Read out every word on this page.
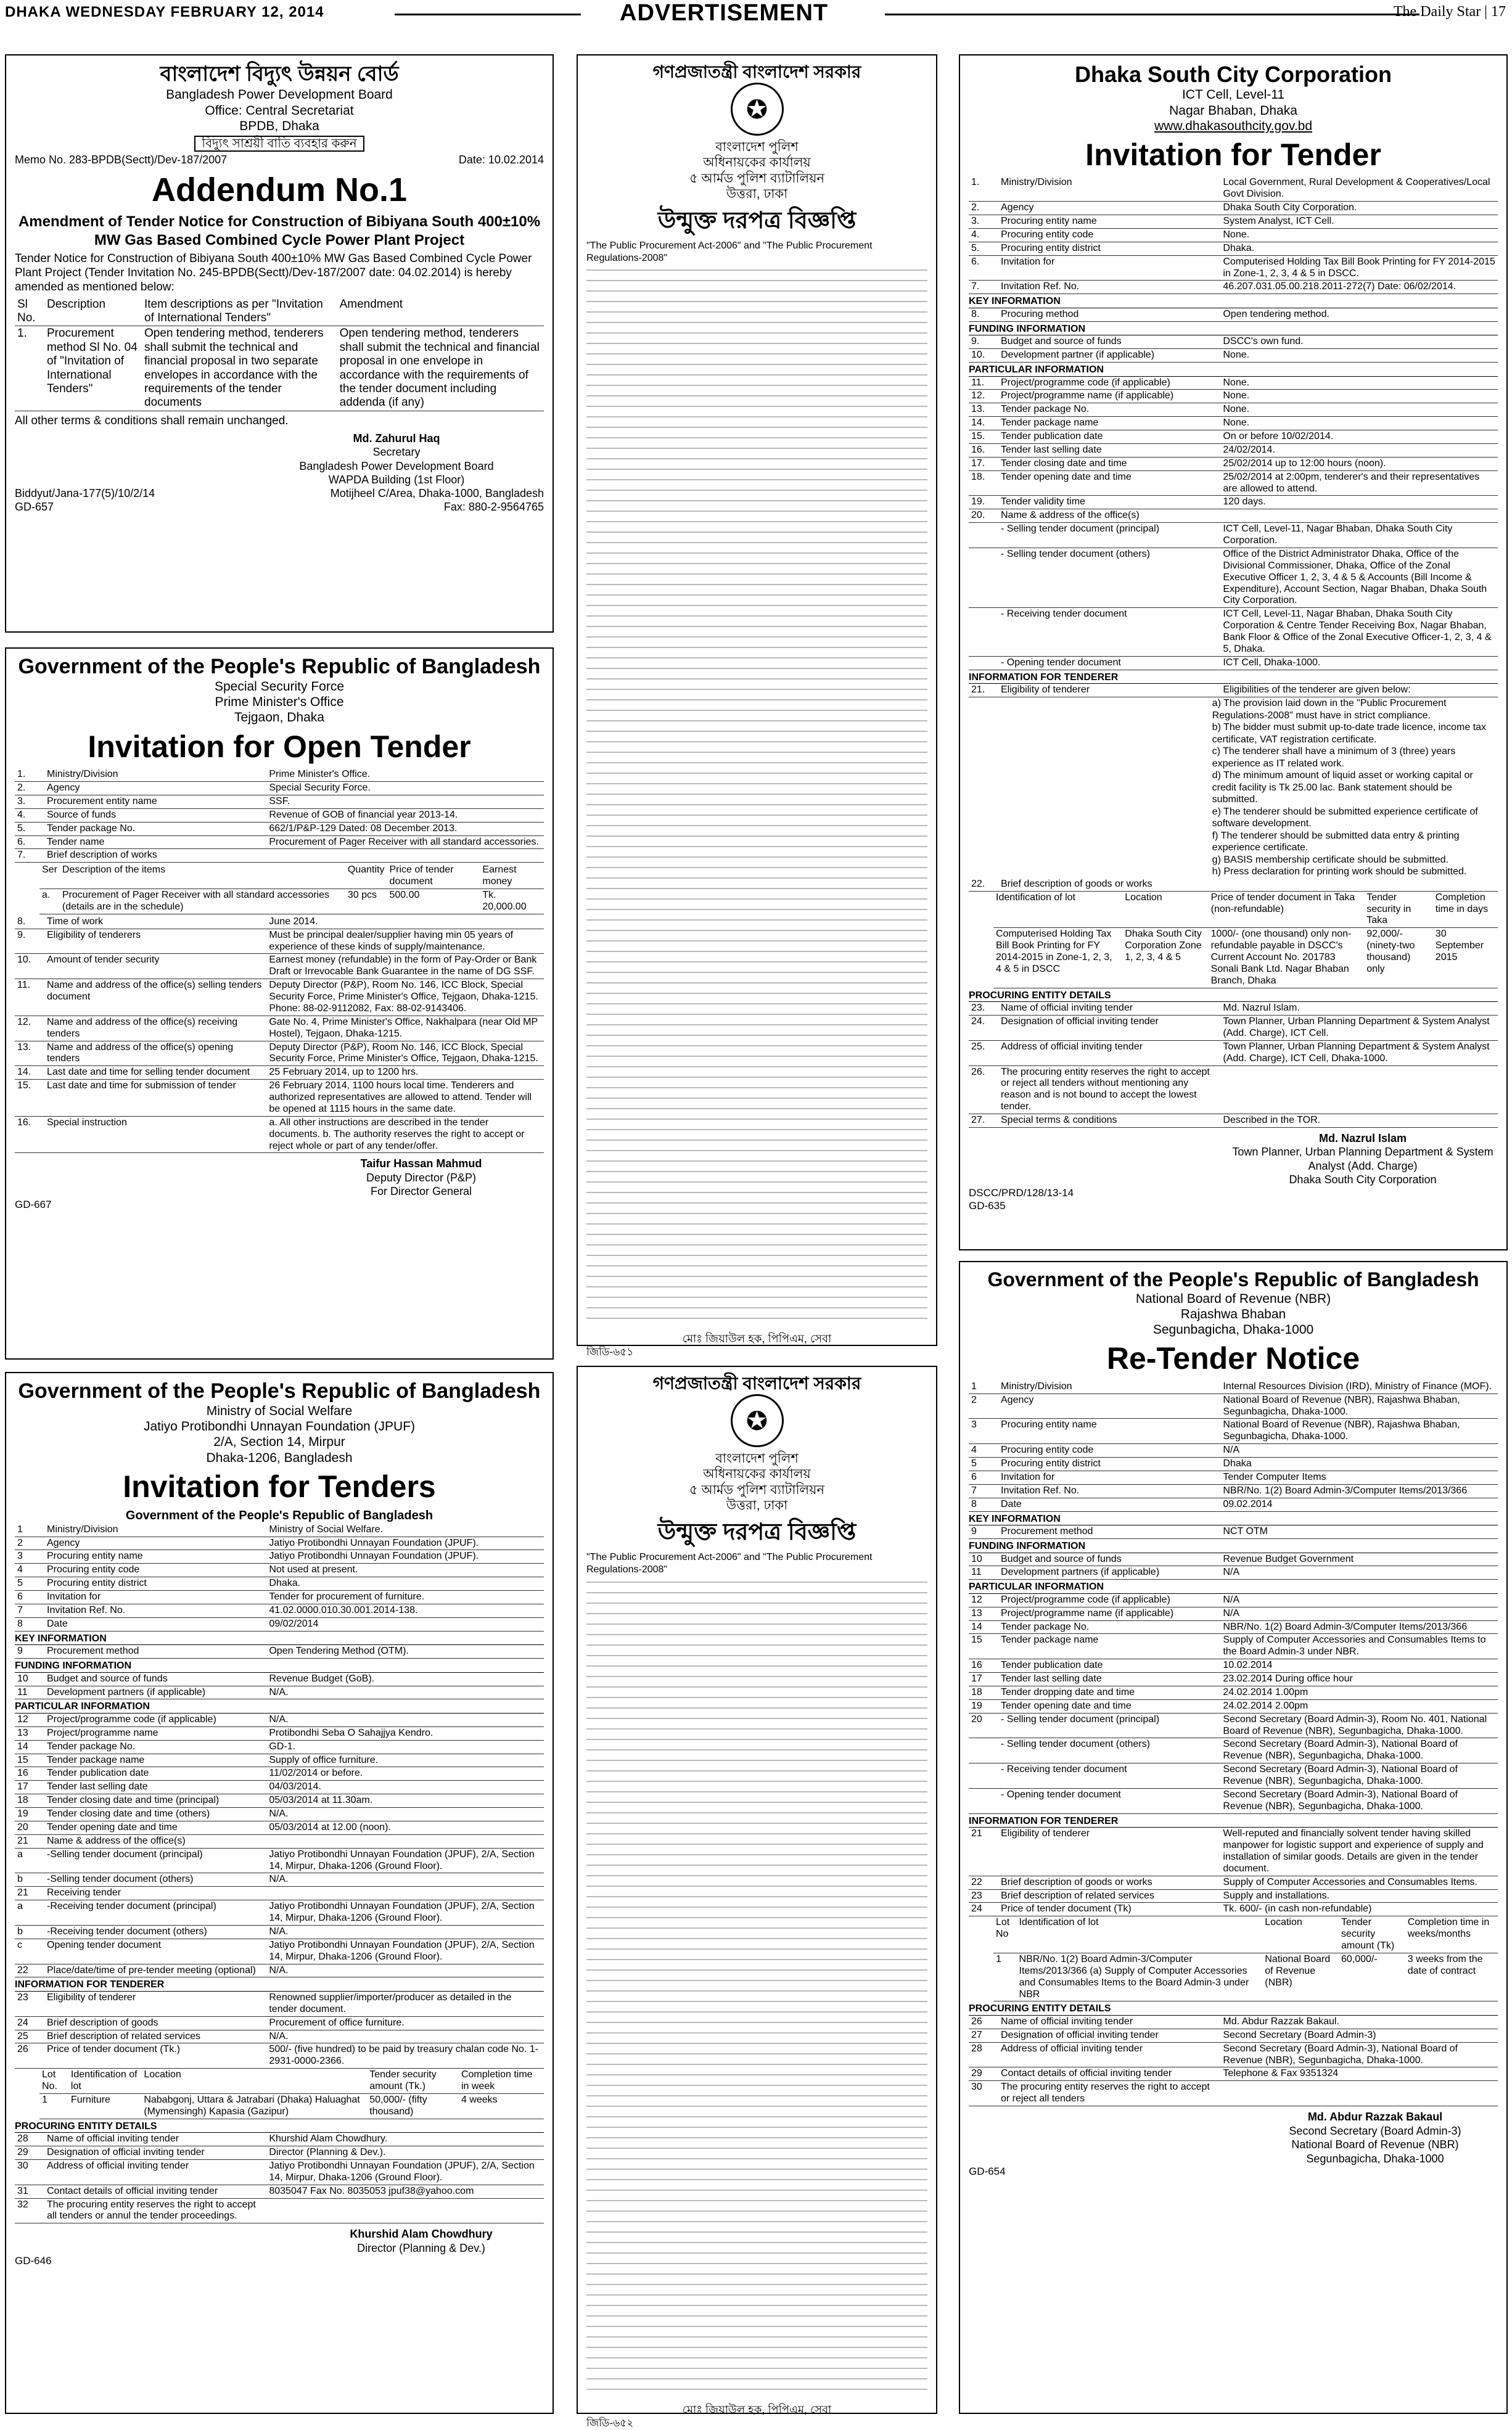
DHAKA WEDNESDAY FEBRUARY 12, 2014	ADVERTISEMENT	The Daily Star | 17
বাংলাদেশ বিদ্যুৎ উন্নয়ন বোর্ড
Bangladesh Power Development Board
Office: Central Secretariat
BPDB, Dhaka
বিদ্যুৎ সাশ্রয়ী বাতি ব্যবহার করুন
Memo No. 283-BPDB(Sectt)/Dev-187/2007	Date: 10.02.2014
Addendum No.1
Amendment of Tender Notice for Construction of Bibiyana South 400±10% MW Gas Based Combined Cycle Power Plant Project
Tender Notice for Construction of Bibiyana South 400±10% MW Gas Based Combined Cycle Power Plant Project (Tender Invitation No. 245-BPDB(Sectt)/Dev-187/2007 date: 04.02.2014) is hereby amended as mentioned below:
Sl No.	Description	Item descriptions as per "Invitation of International Tenders"	Amendment
1.	Procurement method Sl No. 04 of "Invitation of International Tenders"	Open tendering method, tenderers shall submit the technical and financial proposal in two separate envelopes in accordance with the requirements of the tender documents	Open tendering method, tenderers shall submit the technical and financial proposal in one envelope in accordance with the requirements of the tender document including addenda (if any)
All other terms & conditions shall remain unchanged.
Md. Zahurul Haq
Secretary
Bangladesh Power Development Board
WAPDA Building (1st Floor)
Biddyut/Jana-177(5)/10/2/14	Motijheel C/Area, Dhaka-1000, Bangladesh
GD-657	Fax: 880-2-9564765
Government of the People's Republic of Bangladesh
Special Security Force
Prime Minister's Office
Tejgaon, Dhaka
Invitation for Open Tender
1.	Ministry/Division	Prime Minister's Office.
2.	Agency	Special Security Force.
3.	Procurement entity name	SSF.
4.	Source of funds	Revenue of GOB of financial year 2013-14.
5.	Tender package No.	662/1/P&P-129 Dated: 08 December 2013.
6.	Tender name	Procurement of Pager Receiver with all standard accessories.
7.	Brief description of works	
Ser	Description of the items	Quantity	Price of tender document	Earnest money
a.	Procurement of Pager Receiver with all standard accessories (details are in the schedule)	30 pcs	500.00	Tk. 20,000.00
8.	Time of work	June 2014.
9.	Eligibility of tenderers	Must be principal dealer/supplier having min 05 years of experience of these kinds of supply/maintenance.
10.	Amount of tender security	Earnest money (refundable) in the form of Pay-Order or Bank Draft or Irrevocable Bank Guarantee in the name of DG SSF.
11.	Name and address of the office(s) selling tenders document	Deputy Director (P&P), Room No. 146, ICC Block, Special Security Force, Prime Minister's Office, Tejgaon, Dhaka-1215. Phone: 88-02-9112082, Fax: 88-02-9143406.
12.	Name and address of the office(s) receiving tenders	Gate No. 4, Prime Minister's Office, Nakhalpara (near Old MP Hostel), Tejgaon, Dhaka-1215.
13.	Name and address of the office(s) opening tenders	Deputy Director (P&P), Room No. 146, ICC Block, Special Security Force, Prime Minister's Office, Tejgaon, Dhaka-1215.
14.	Last date and time for selling tender document	25 February 2014, up to 1200 hrs.
15.	Last date and time for submission of tender	26 February 2014, 1100 hours local time. Tenderers and authorized representatives are allowed to attend. Tender will be opened at 1115 hours in the same date.
16.	Special instruction	a. All other instructions are described in the tender documents. b. The authority reserves the right to accept or reject whole or part of any tender/offer.
Taifur Hassan Mahmud
Deputy Director (P&P)
For Director General
GD-667
Government of the People's Republic of Bangladesh
Ministry of Social Welfare
Jatiyo Protibondhi Unnayan Foundation (JPUF)
2/A, Section 14, Mirpur
Dhaka-1206, Bangladesh
Invitation for Tenders
Government of the People's Republic of Bangladesh
1	Ministry/Division	Ministry of Social Welfare.
2	Agency	Jatiyo Protibondhi Unnayan Foundation (JPUF).
3	Procuring entity name	Jatiyo Protibondhi Unnayan Foundation (JPUF).
4	Procuring entity code	Not used at present.
5	Procuring entity district	Dhaka.
6	Invitation for	Tender for procurement of furniture.
7	Invitation Ref. No.	41.02.0000.010.30.001.2014-138.
8	Date	09/02/2014
KEY INFORMATION
9	Procurement method	Open Tendering Method (OTM).
FUNDING INFORMATION
10	Budget and source of funds	Revenue Budget (GoB).
11	Development partners (if applicable)	N/A.
PARTICULAR INFORMATION
12	Project/programme code (if applicable)	N/A.
13	Project/programme name	Protibondhi Seba O Sahajjya Kendro.
14	Tender package No.	GD-1.
15	Tender package name	Supply of office furniture.
16	Tender publication date	11/02/2014 or before.
17	Tender last selling date	04/03/2014.
18	Tender closing date and time (principal)	05/03/2014 at 11.30am.
19	Tender closing date and time (others)	N/A.
20	Tender opening date and time	05/03/2014 at 12.00 (noon).
21	Name & address of the office(s)	
a	-Selling tender document (principal)	Jatiyo Protibondhi Unnayan Foundation (JPUF), 2/A, Section 14, Mirpur, Dhaka-1206 (Ground Floor).
b	-Selling tender document (others)	N/A.
21	Receiving tender	
a	-Receiving tender document (principal)	Jatiyo Protibondhi Unnayan Foundation (JPUF), 2/A, Section 14, Mirpur, Dhaka-1206 (Ground Floor).
b	-Receiving tender document (others)	N/A.
c	Opening tender document	Jatiyo Protibondhi Unnayan Foundation (JPUF), 2/A, Section 14, Mirpur, Dhaka-1206 (Ground Floor).
22	Place/date/time of pre-tender meeting (optional)	N/A.
INFORMATION FOR TENDERER
23	Eligibility of tenderer	Renowned supplier/importer/producer as detailed in the tender document.
24	Brief description of goods	Procurement of office furniture.
25	Brief description of related services	N/A.
26	Price of tender document (Tk.)	500/- (five hundred) to be paid by treasury chalan code No. 1-2931-0000-2366.
Lot No.	Identification of lot	Location	Tender security amount (Tk.)	Completion time in week
1	Furniture	Nababgonj, Uttara & Jatrabari (Dhaka) Haluaghat (Mymensingh) Kapasia (Gazipur)	50,000/- (fifty thousand)	4 weeks
PROCURING ENTITY DETAILS
28	Name of official inviting tender	Khurshid Alam Chowdhury.
29	Designation of official inviting tender	Director (Planning & Dev.).
30	Address of official inviting tender	Jatiyo Protibondhi Unnayan Foundation (JPUF), 2/A, Section 14, Mirpur, Dhaka-1206 (Ground Floor).
31	Contact details of official inviting tender	8035047 Fax No. 8035053 jpuf38@yahoo.com
32	The procuring entity reserves the right to accept all tenders or annul the tender proceedings.	
Khurshid Alam Chowdhury
Director (Planning & Dev.)
GD-646
গণপ্রজাতন্ত্রী বাংলাদেশ সরকার
✪
বাংলাদেশ পুলিশ
অধিনায়কের কার্যালয়
৫ আর্মড পুলিশ ব্যাটালিয়ন
উত্তরা, ঢাকা
উন্মুক্ত দরপত্র বিজ্ঞপ্তি
"The Public Procurement Act-2006" and "The Public Procurement Regulations-2008"
মোঃ জিয়াউল হক, পিপিএম, সেবা
জিডি-৬৫১
গণপ্রজাতন্ত্রী বাংলাদেশ সরকার
✪
বাংলাদেশ পুলিশ
অধিনায়কের কার্যালয়
৫ আর্মড পুলিশ ব্যাটালিয়ন
উত্তরা, ঢাকা
উন্মুক্ত দরপত্র বিজ্ঞপ্তি
"The Public Procurement Act-2006" and "The Public Procurement Regulations-2008"
মোঃ জিয়াউল হক, পিপিএম, সেবা
জিডি-৬৫২
Dhaka South City Corporation
ICT Cell, Level-11
Nagar Bhaban, Dhaka
www.dhakasouthcity.gov.bd
Invitation for Tender
1.	Ministry/Division	Local Government, Rural Development & Cooperatives/Local Govt Division.
2.	Agency	Dhaka South City Corporation.
3.	Procuring entity name	System Analyst, ICT Cell.
4.	Procuring entity code	None.
5.	Procuring entity district	Dhaka.
6.	Invitation for	Computerised Holding Tax Bill Book Printing for FY 2014-2015 in Zone-1, 2, 3, 4 & 5 in DSCC.
7.	Invitation Ref. No.	46.207.031.05.00.218.2011-272(7) Date: 06/02/2014.
KEY INFORMATION
8.	Procuring method	Open tendering method.
FUNDING INFORMATION
9.	Budget and source of funds	DSCC's own fund.
10.	Development partner (if applicable)	None.
PARTICULAR INFORMATION
11.	Project/programme code (if applicable)	None.
12.	Project/programme name (if applicable)	None.
13.	Tender package No.	None.
14.	Tender package name	None.
15.	Tender publication date	On or before 10/02/2014.
16.	Tender last selling date	24/02/2014.
17.	Tender closing date and time	25/02/2014 up to 12:00 hours (noon).
18.	Tender opening date and time	25/02/2014 at 2:00pm, tenderer's and their representatives are allowed to attend.
19.	Tender validity time	120 days.
20.	Name & address of the office(s)	
	- Selling tender document (principal)	ICT Cell, Level-11, Nagar Bhaban, Dhaka South City Corporation.
	- Selling tender document (others)	Office of the District Administrator Dhaka, Office of the Divisional Commissioner, Dhaka, Office of the Zonal Executive Officer 1, 2, 3, 4 & 5 & Accounts (Bill Income & Expenditure), Account Section, Nagar Bhaban, Dhaka South City Corporation.
	- Receiving tender document	ICT Cell, Level-11, Nagar Bhaban, Dhaka South City Corporation & Centre Tender Receiving Box, Nagar Bhaban, Bank Floor & Office of the Zonal Executive Officer-1, 2, 3, 4 & 5, Dhaka.
	- Opening tender document	ICT Cell, Dhaka-1000.
INFORMATION FOR TENDERER
21.	Eligibility of tenderer	Eligibilities of the tenderer are given below:
a) The provision laid down in the "Public Procurement Regulations-2008" must have in strict compliance.
b) The bidder must submit up-to-date trade licence, income tax certificate, VAT registration certificate.
c) The tenderer shall have a minimum of 3 (three) years experience as IT related work.
d) The minimum amount of liquid asset or working capital or credit facility is Tk 25.00 lac. Bank statement should be submitted.
e) The tenderer should be submitted experience certificate of software development.
f) The tenderer should be submitted data entry & printing experience certificate.
g) BASIS membership certificate should be submitted.
h) Press declaration for printing work should be submitted.
22.	Brief description of goods or works	
Identification of lot	Location	Price of tender document in Taka (non-refundable)	Tender security in Taka	Completion time in days
Computerised Holding Tax Bill Book Printing for FY 2014-2015 in Zone-1, 2, 3, 4 & 5 in DSCC	Dhaka South City Corporation Zone 1, 2, 3, 4 & 5	1000/- (one thousand) only non-refundable payable in DSCC's Current Account No. 201783 Sonali Bank Ltd. Nagar Bhaban Branch, Dhaka	92,000/- (ninety-two thousand) only	30 September 2015
PROCURING ENTITY DETAILS
23.	Name of official inviting tender	Md. Nazrul Islam.
24.	Designation of official inviting tender	Town Planner, Urban Planning Department & System Analyst (Add. Charge), ICT Cell.
25.	Address of official inviting tender	Town Planner, Urban Planning Department & System Analyst (Add. Charge), ICT Cell, Dhaka-1000.
26.	The procuring entity reserves the right to accept or reject all tenders without mentioning any reason and is not bound to accept the lowest tender.	
27.	Special terms & conditions	Described in the TOR.
Md. Nazrul Islam
Town Planner, Urban Planning Department & System
Analyst (Add. Charge)
Dhaka South City Corporation
DSCC/PRD/128/13-14
GD-635
Government of the People's Republic of Bangladesh
National Board of Revenue (NBR)
Rajashwa Bhaban
Segunbagicha, Dhaka-1000
Re-Tender Notice
1	Ministry/Division	Internal Resources Division (IRD), Ministry of Finance (MOF).
2	Agency	National Board of Revenue (NBR), Rajashwa Bhaban, Segunbagicha, Dhaka-1000.
3	Procuring entity name	National Board of Revenue (NBR), Rajashwa Bhaban, Segunbagicha, Dhaka-1000.
4	Procuring entity code	N/A
5	Procuring entity district	Dhaka
6	Invitation for	Tender Computer Items
7	Invitation Ref. No.	NBR/No. 1(2) Board Admin-3/Computer Items/2013/366
8	Date	09.02.2014
KEY INFORMATION
9	Procurement method	NCT OTM
FUNDING INFORMATION
10	Budget and source of funds	Revenue Budget Government
11	Development partners (if applicable)	N/A
PARTICULAR INFORMATION
12	Project/programme code (if applicable)	N/A
13	Project/programme name (if applicable)	N/A
14	Tender package No.	NBR/No. 1(2) Board Admin-3/Computer Items/2013/366
15	Tender package name	Supply of Computer Accessories and Consumables Items to the Board Admin-3 under NBR.
16	Tender publication date	10.02.2014
17	Tender last selling date	23.02.2014 During office hour
18	Tender dropping date and time	24.02.2014 1.00pm
19	Tender opening date and time	24.02.2014 2.00pm
20	- Selling tender document (principal)	Second Secretary (Board Admin-3), Room No. 401, National Board of Revenue (NBR), Segunbagicha, Dhaka-1000.
	- Selling tender document (others)	Second Secretary (Board Admin-3), National Board of Revenue (NBR), Segunbagicha, Dhaka-1000.
	- Receiving tender document	Second Secretary (Board Admin-3), National Board of Revenue (NBR), Segunbagicha, Dhaka-1000.
	- Opening tender document	Second Secretary (Board Admin-3), National Board of Revenue (NBR), Segunbagicha, Dhaka-1000.
INFORMATION FOR TENDERER
21	Eligibility of tenderer	Well-reputed and financially solvent tender having skilled manpower for logistic support and experience of supply and installation of similar goods. Details are given in the tender document.
22	Brief description of goods or works	Supply of Computer Accessories and Consumables Items.
23	Brief description of related services	Supply and installations.
24	Price of tender document (Tk)	Tk. 600/- (in cash non-refundable)
Lot No	Identification of lot	Location	Tender security amount (Tk)	Completion time in weeks/months
1	NBR/No. 1(2) Board Admin-3/Computer Items/2013/366 (a) Supply of Computer Accessories and Consumables Items to the Board Admin-3 under NBR	National Board of Revenue (NBR)	60,000/-	3 weeks from the date of contract
PROCURING ENTITY DETAILS
26	Name of official inviting tender	Md. Abdur Razzak Bakaul.
27	Designation of official inviting tender	Second Secretary (Board Admin-3)
28	Address of official inviting tender	Second Secretary (Board Admin-3), National Board of Revenue (NBR), Segunbagicha, Dhaka-1000.
29	Contact details of official inviting tender	Telephone & Fax 9351324
30	The procuring entity reserves the right to accept or reject all tenders	
Md. Abdur Razzak Bakaul
Second Secretary (Board Admin-3)
National Board of Revenue (NBR)
Segunbagicha, Dhaka-1000
GD-654
